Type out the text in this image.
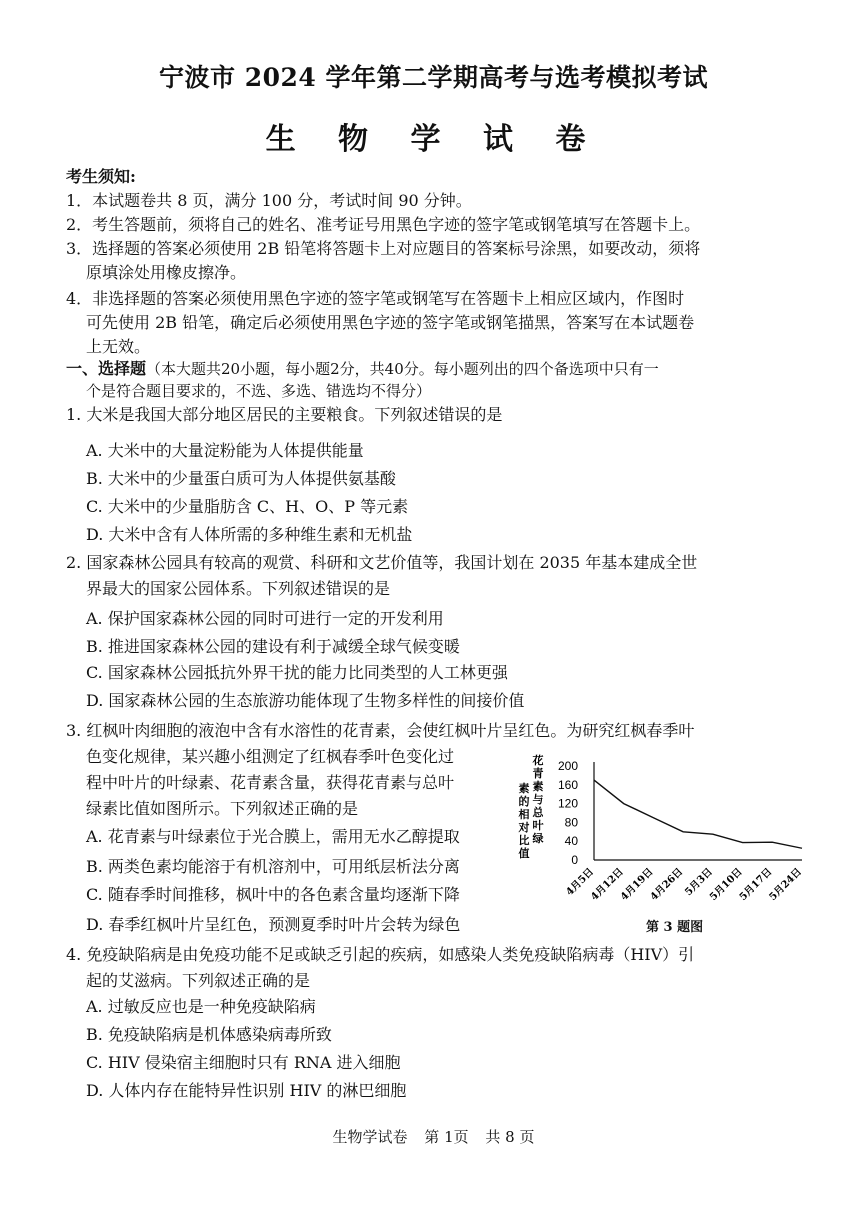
宁波市 2024 学年第二学期高考与选考模拟考试
生 物 学 试 卷
考生须知:
1．本试题卷共 8 页，满分 100 分，考试时间 90 分钟。
2．考生答题前，须将自己的姓名、准考证号用黑色字迹的签字笔或钢笔填写在答题卡上。
3．选择题的答案必须使用 2B 铅笔将答题卡上对应题目的答案标号涂黑，如要改动，须将
原填涂处用橡皮擦净。
4．非选择题的答案必须使用黑色字迹的签字笔或钢笔写在答题卡上相应区域内，作图时
可先使用 2B 铅笔，确定后必须使用黑色字迹的签字笔或钢笔描黑，答案写在本试题卷
上无效。
一、选择题（本大题共20小题，每小题2分，共40分。每小题列出的四个备选项中只有一
个是符合题目要求的，不选、多选、错选均不得分）
1. 大米是我国大部分地区居民的主要粮食。下列叙述错误的是
A. 大米中的大量淀粉能为人体提供能量
B. 大米中的少量蛋白质可为人体提供氨基酸
C. 大米中的少量脂肪含 C、H、O、P 等元素
D. 大米中含有人体所需的多种维生素和无机盐
2. 国家森林公园具有较高的观赏、科研和文艺价值等，我国计划在 2035 年基本建成全世
界最大的国家公园体系。下列叙述错误的是
A. 保护国家森林公园的同时可进行一定的开发利用
B. 推进国家森林公园的建设有利于减缓全球气候变暖
C. 国家森林公园抵抗外界干扰的能力比同类型的人工林更强
D. 国家森林公园的生态旅游功能体现了生物多样性的间接价值
3. 红枫叶肉细胞的液泡中含有水溶性的花青素，会使红枫叶片呈红色。为研究红枫春季叶
色变化规律，某兴趣小组测定了红枫春季叶色变化过
程中叶片的叶绿素、花青素含量，获得花青素与总叶
绿素比值如图所示。下列叙述正确的是
A. 花青素与叶绿素位于光合膜上，需用无水乙醇提取
B. 两类色素均能溶于有机溶剂中，可用纸层析法分离
C. 随春季时间推移，枫叶中的各色素含量均逐渐下降
D. 春季红枫叶片呈红色，预测夏季时叶片会转为绿色
花
青
素
与
总
叶
绿
素
的
相
对
比
值
200
160
120
80
40
0
4月5日
4月12日
4月19日
4月26日
5月3日
5月10日
5月17日
5月24日
第 3 题图
4. 免疫缺陷病是由免疫功能不足或缺乏引起的疾病，如感染人类免疫缺陷病毒（HIV）引
起的艾滋病。下列叙述正确的是
A. 过敏反应也是一种免疫缺陷病
B. 免疫缺陷病是机体感染病毒所致
C. HIV 侵染宿主细胞时只有 RNA 进入细胞
D. 人体内存在能特异性识别 HIV 的淋巴细胞
生物学试卷 第 1页 共 8 页
